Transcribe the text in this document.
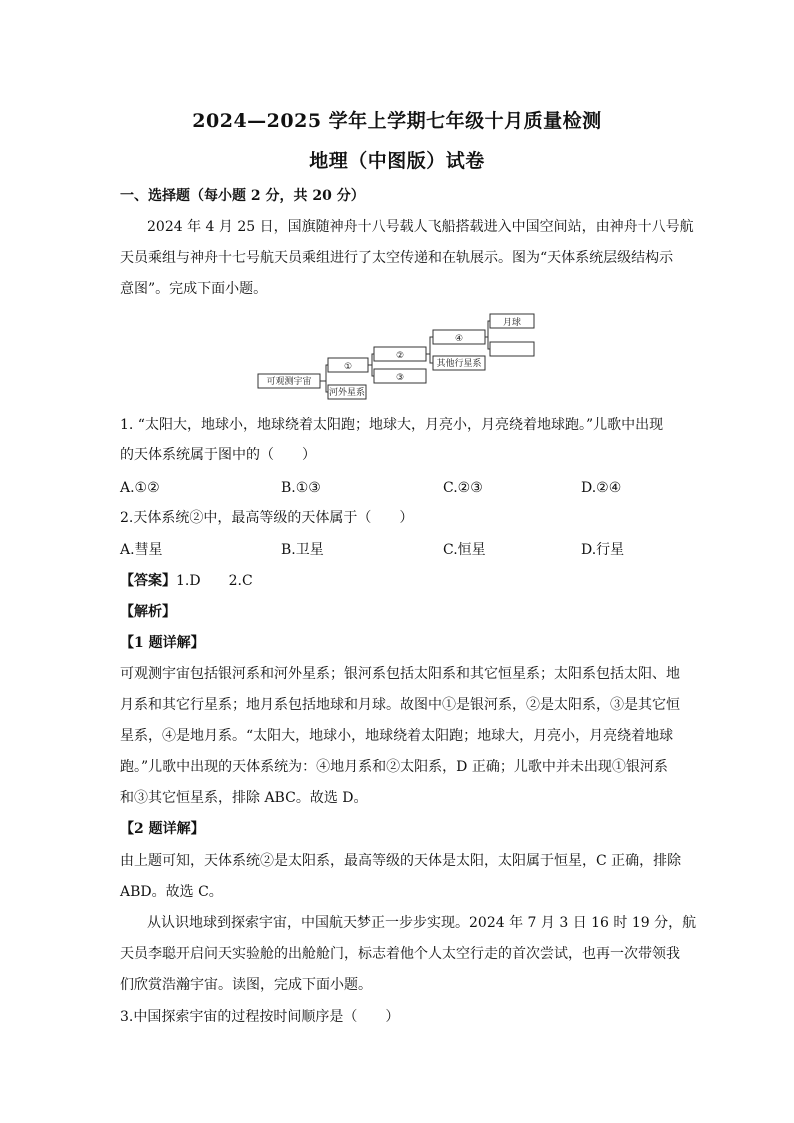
2024—2025 学年上学期七年级十月质量检测
地理（中图版）试卷
一、选择题（每小题 2 分，共 20 分）
2024 年 4 月 25 日，国旗随神舟十八号载人飞船搭载进入中国空间站，由神舟十八号航
天员乘组与神舟十七号航天员乘组进行了太空传递和在轨展示。图为“天体系统层级结构示
意图”。完成下面小题。
可观测宇宙
①
河外星系
②
③
④
其他行星系
月球
1. “太阳大，地球小，地球绕着太阳跑；地球大，月亮小，月亮绕着地球跑。”儿歌中出现
的天体系统属于图中的（　　）
A.①②	B.①③	C.②③	D.②④
2.天体系统②中，最高等级的天体属于（　　）
A.彗星	B.卫星	C.恒星	D.行星
【答案】1.D　　2.C
【解析】
【1 题详解】
可观测宇宙包括银河系和河外星系；银河系包括太阳系和其它恒星系；太阳系包括太阳、地
月系和其它行星系；地月系包括地球和月球。故图中①是银河系，②是太阳系，③是其它恒
星系，④是地月系。“太阳大，地球小，地球绕着太阳跑；地球大，月亮小，月亮绕着地球
跑。”儿歌中出现的天体系统为：④地月系和②太阳系，D 正确；儿歌中并未出现①银河系
和③其它恒星系，排除 ABC。故选 D。
【2 题详解】
由上题可知，天体系统②是太阳系，最高等级的天体是太阳，太阳属于恒星，C 正确，排除
ABD。故选 C。
从认识地球到探索宇宙，中国航天梦正一步步实现。2024 年 7 月 3 日 16 时 19 分，航
天员李聪开启问天实验舱的出舱舱门，标志着他个人太空行走的首次尝试，也再一次带领我
们欣赏浩瀚宇宙。读图，完成下面小题。
3.中国探索宇宙的过程按时间顺序是（　　）
